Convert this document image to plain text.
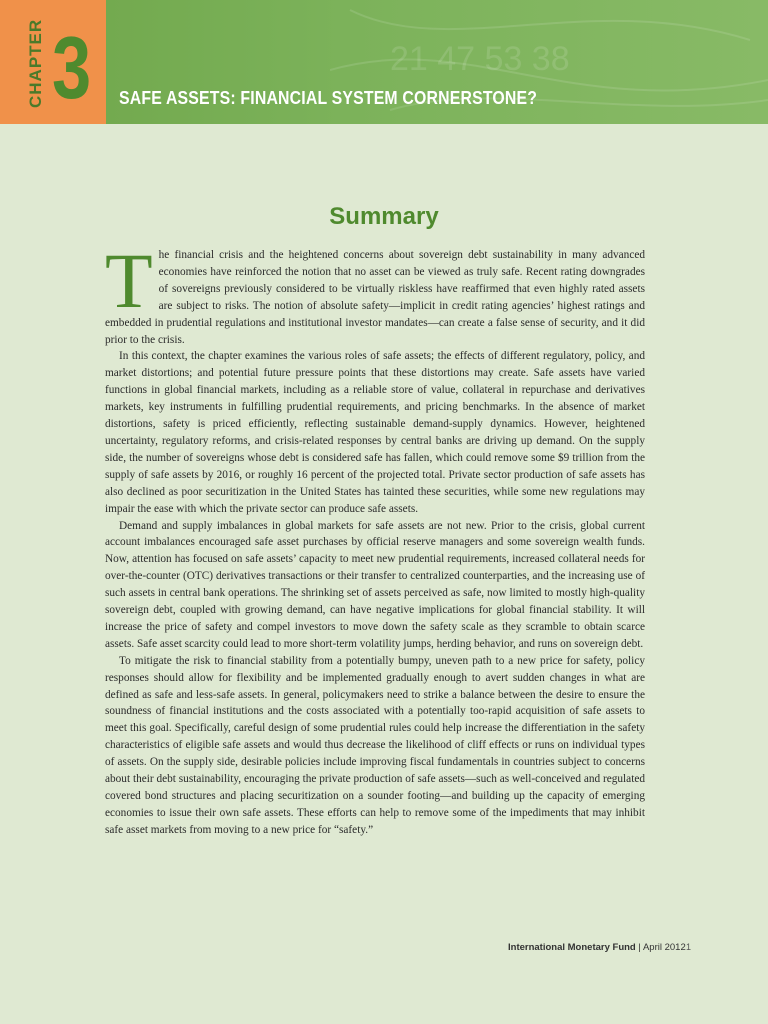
21 47 53 38
CHAPTER 3 SAFE ASSETS: FINANCIAL SYSTEM CORNERSTONE?
Summary

The financial crisis and the heightened concerns about sovereign debt sustainability in many advanced economies have reinforced the notion that no asset can be viewed as truly safe. Recent rating downgrades of sovereigns previously considered to be virtually riskless have reaffirmed that even highly rated assets are subject to risks. The notion of absolute safety—implicit in credit rating agencies’ highest ratings and embedded in prudential regulations and institutional investor mandates—can create a false sense of security, and it did prior to the crisis.

In this context, the chapter examines the various roles of safe assets; the effects of different regulatory, policy, and market distortions; and potential future pressure points that these distortions may create. Safe assets have varied functions in global financial markets, including as a reliable store of value, collateral in repurchase and derivatives markets, key instruments in fulfilling prudential requirements, and pricing benchmarks. In the absence of market distortions, safety is priced efficiently, reflecting sustainable demand-supply dynamics. However, heightened uncertainty, regulatory reforms, and crisis-related responses by central banks are driving up demand. On the supply side, the number of sovereigns whose debt is considered safe has fallen, which could remove some $9 trillion from the supply of safe assets by 2016, or roughly 16 percent of the projected total. Private sector production of safe assets has also declined as poor securitization in the United States has tainted these securities, while some new regulations may impair the ease with which the private sector can produce safe assets.

Demand and supply imbalances in global markets for safe assets are not new. Prior to the crisis, global current account imbalances encouraged safe asset purchases by official reserve managers and some sovereign wealth funds. Now, attention has focused on safe assets’ capacity to meet new prudential requirements, increased collateral needs for over-the-counter (OTC) derivatives transactions or their transfer to centralized counterparties, and the increasing use of such assets in central bank operations. The shrinking set of assets perceived as safe, now limited to mostly high-quality sovereign debt, coupled with growing demand, can have negative implications for global financial stability. It will increase the price of safety and compel investors to move down the safety scale as they scramble to obtain scarce assets. Safe asset scarcity could lead to more short-term volatility jumps, herding behavior, and runs on sovereign debt.

To mitigate the risk to financial stability from a potentially bumpy, uneven path to a new price for safety, policy responses should allow for flexibility and be implemented gradually enough to avert sudden changes in what are defined as safe and less-safe assets. In general, policymakers need to strike a balance between the desire to ensure the soundness of financial institutions and the costs associated with a potentially too-rapid acquisition of safe assets to meet this goal. Specifically, careful design of some prudential rules could help increase the differentiation in the safety characteristics of eligible safe assets and would thus decrease the likelihood of cliff effects or runs on individual types of assets. On the supply side, desirable policies include improving fiscal fundamentals in countries subject to concerns about their debt sustainability, encouraging the private production of safe assets—such as well-conceived and regulated covered bond structures and placing securitization on a sounder footing—and building up the capacity of emerging economies to issue their own safe assets. These efforts can help to remove some of the impediments that may inhibit safe asset markets from moving to a new price for “safety.”

International Monetary Fund | April 2012 1
